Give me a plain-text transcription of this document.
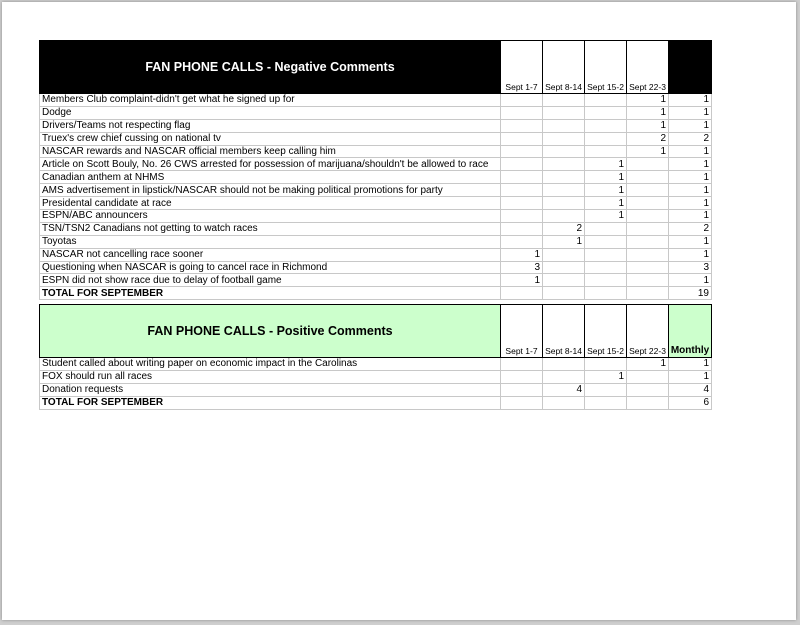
FAN PHONE CALLS - Negative Comments	Sept 1-7	Sept 8-14	Sept 15-2	Sept 22-3	
Members Club complaint-didn't get what he signed up for				1	1
Dodge				1	1
Drivers/Teams not respecting flag				1	1
Truex's crew chief cussing on national tv				2	2
NASCAR rewards and NASCAR official members keep calling him				1	1
Article on Scott Bouly, No. 26 CWS arrested for possession of marijuana/shouldn't be allowed to race			1		1
Canadian anthem at NHMS			1		1
AMS advertisement in lipstick/NASCAR should not be making political promotions for party			1		1
Presidental candidate at race			1		1
ESPN/ABC announcers			1		1
TSN/TSN2 Canadians not getting to watch races		2			2
Toyotas		1			1
NASCAR not cancelling race sooner	1				1
Questioning when NASCAR is going to cancel race in Richmond	3				3
ESPN did not show race due to delay of football game	1				1
TOTAL FOR SEPTEMBER					19
FAN PHONE CALLS - Positive Comments	Sept 1-7	Sept 8-14	Sept 15-2	Sept 22-3	Monthly
Student called about writing paper on economic impact in the Carolinas				1	1
FOX should run all races			1		1
Donation requests		4			4
TOTAL FOR SEPTEMBER					6
